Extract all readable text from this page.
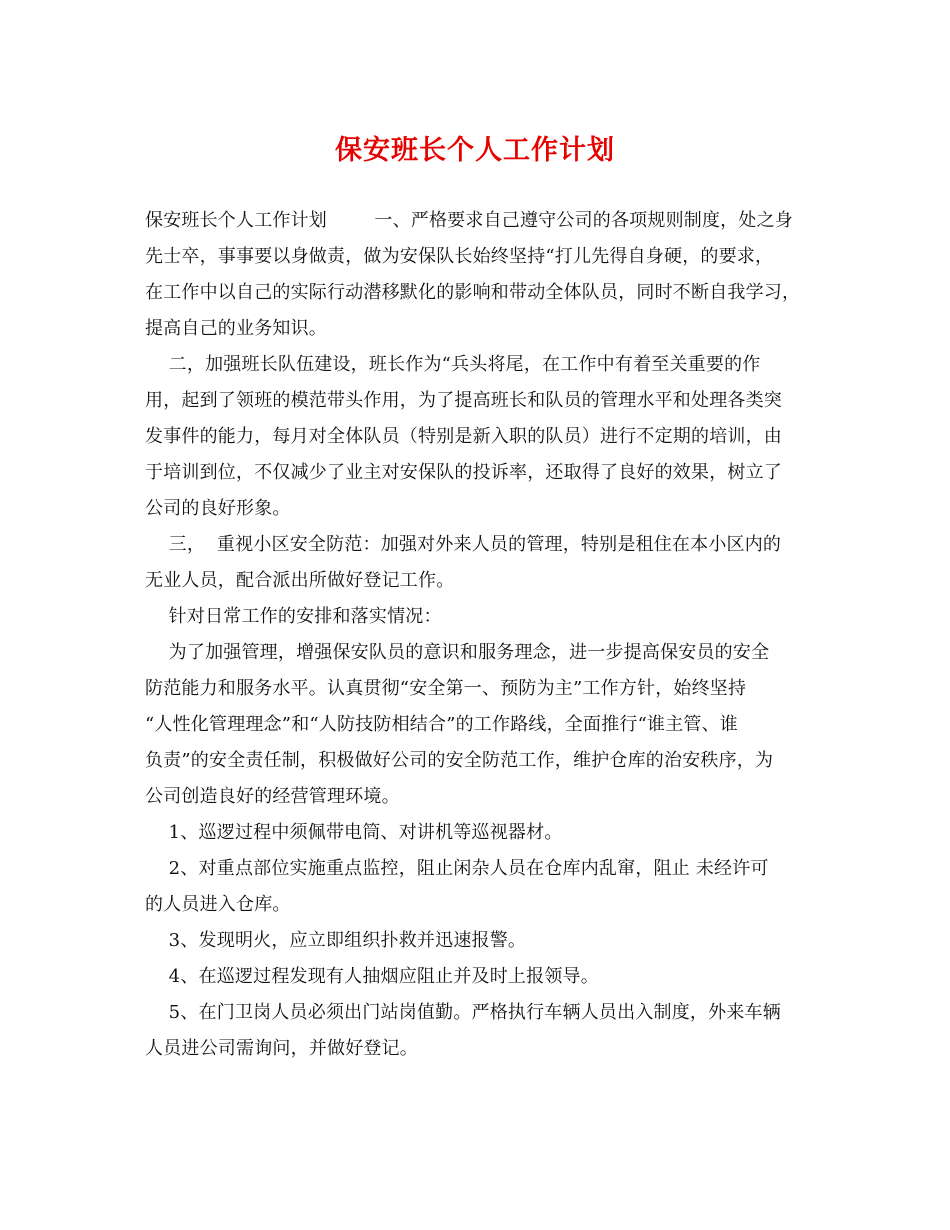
保安班长个人工作计划
保安班长个人工作计划        一、严格要求自己遵守公司的各项规则制度，处之身
先士卒，事事要以身做责，做为安保队长始终坚持“打儿先得自身硬，的要求，
在工作中以自己的实际行动潜移默化的影响和带动全体队员，同时不断自我学习，
提高自己的业务知识。
二，加强班长队伍建设，班长作为“兵头将尾，在工作中有着至关重要的作
用，起到了领班的模范带头作用，为了提高班长和队员的管理水平和处理各类突
发事件的能力，每月对全体队员（特别是新入职的队员）进行不定期的培训，由
于培训到位，不仅减少了业主对安保队的投诉率，还取得了良好的效果，树立了
公司的良好形象。
三，  重视小区安全防范：加强对外来人员的管理，特别是租住在本小区内的
无业人员，配合派出所做好登记工作。
针对日常工作的安排和落实情况：
为了加强管理，增强保安队员的意识和服务理念，进一步提高保安员的安全
防范能力和服务水平。认真贯彻“安全第一、预防为主”工作方针，始终坚持
“人性化管理理念”和“人防技防相结合”的工作路线，全面推行“谁主管、谁
负责”的安全责任制，积极做好公司的安全防范工作，维护仓库的治安秩序，为
公司创造良好的经营管理环境。
1、巡逻过程中须佩带电筒、对讲机等巡视器材。
2、对重点部位实施重点监控，阻止闲杂人员在仓库内乱窜，阻止 未经许可
的人员进入仓库。
3、发现明火，应立即组织扑救并迅速报警。
4、在巡逻过程发现有人抽烟应阻止并及时上报领导。
5、在门卫岗人员必须出门站岗值勤。严格执行车辆人员出入制度，外来车辆
人员进公司需询问，并做好登记。
